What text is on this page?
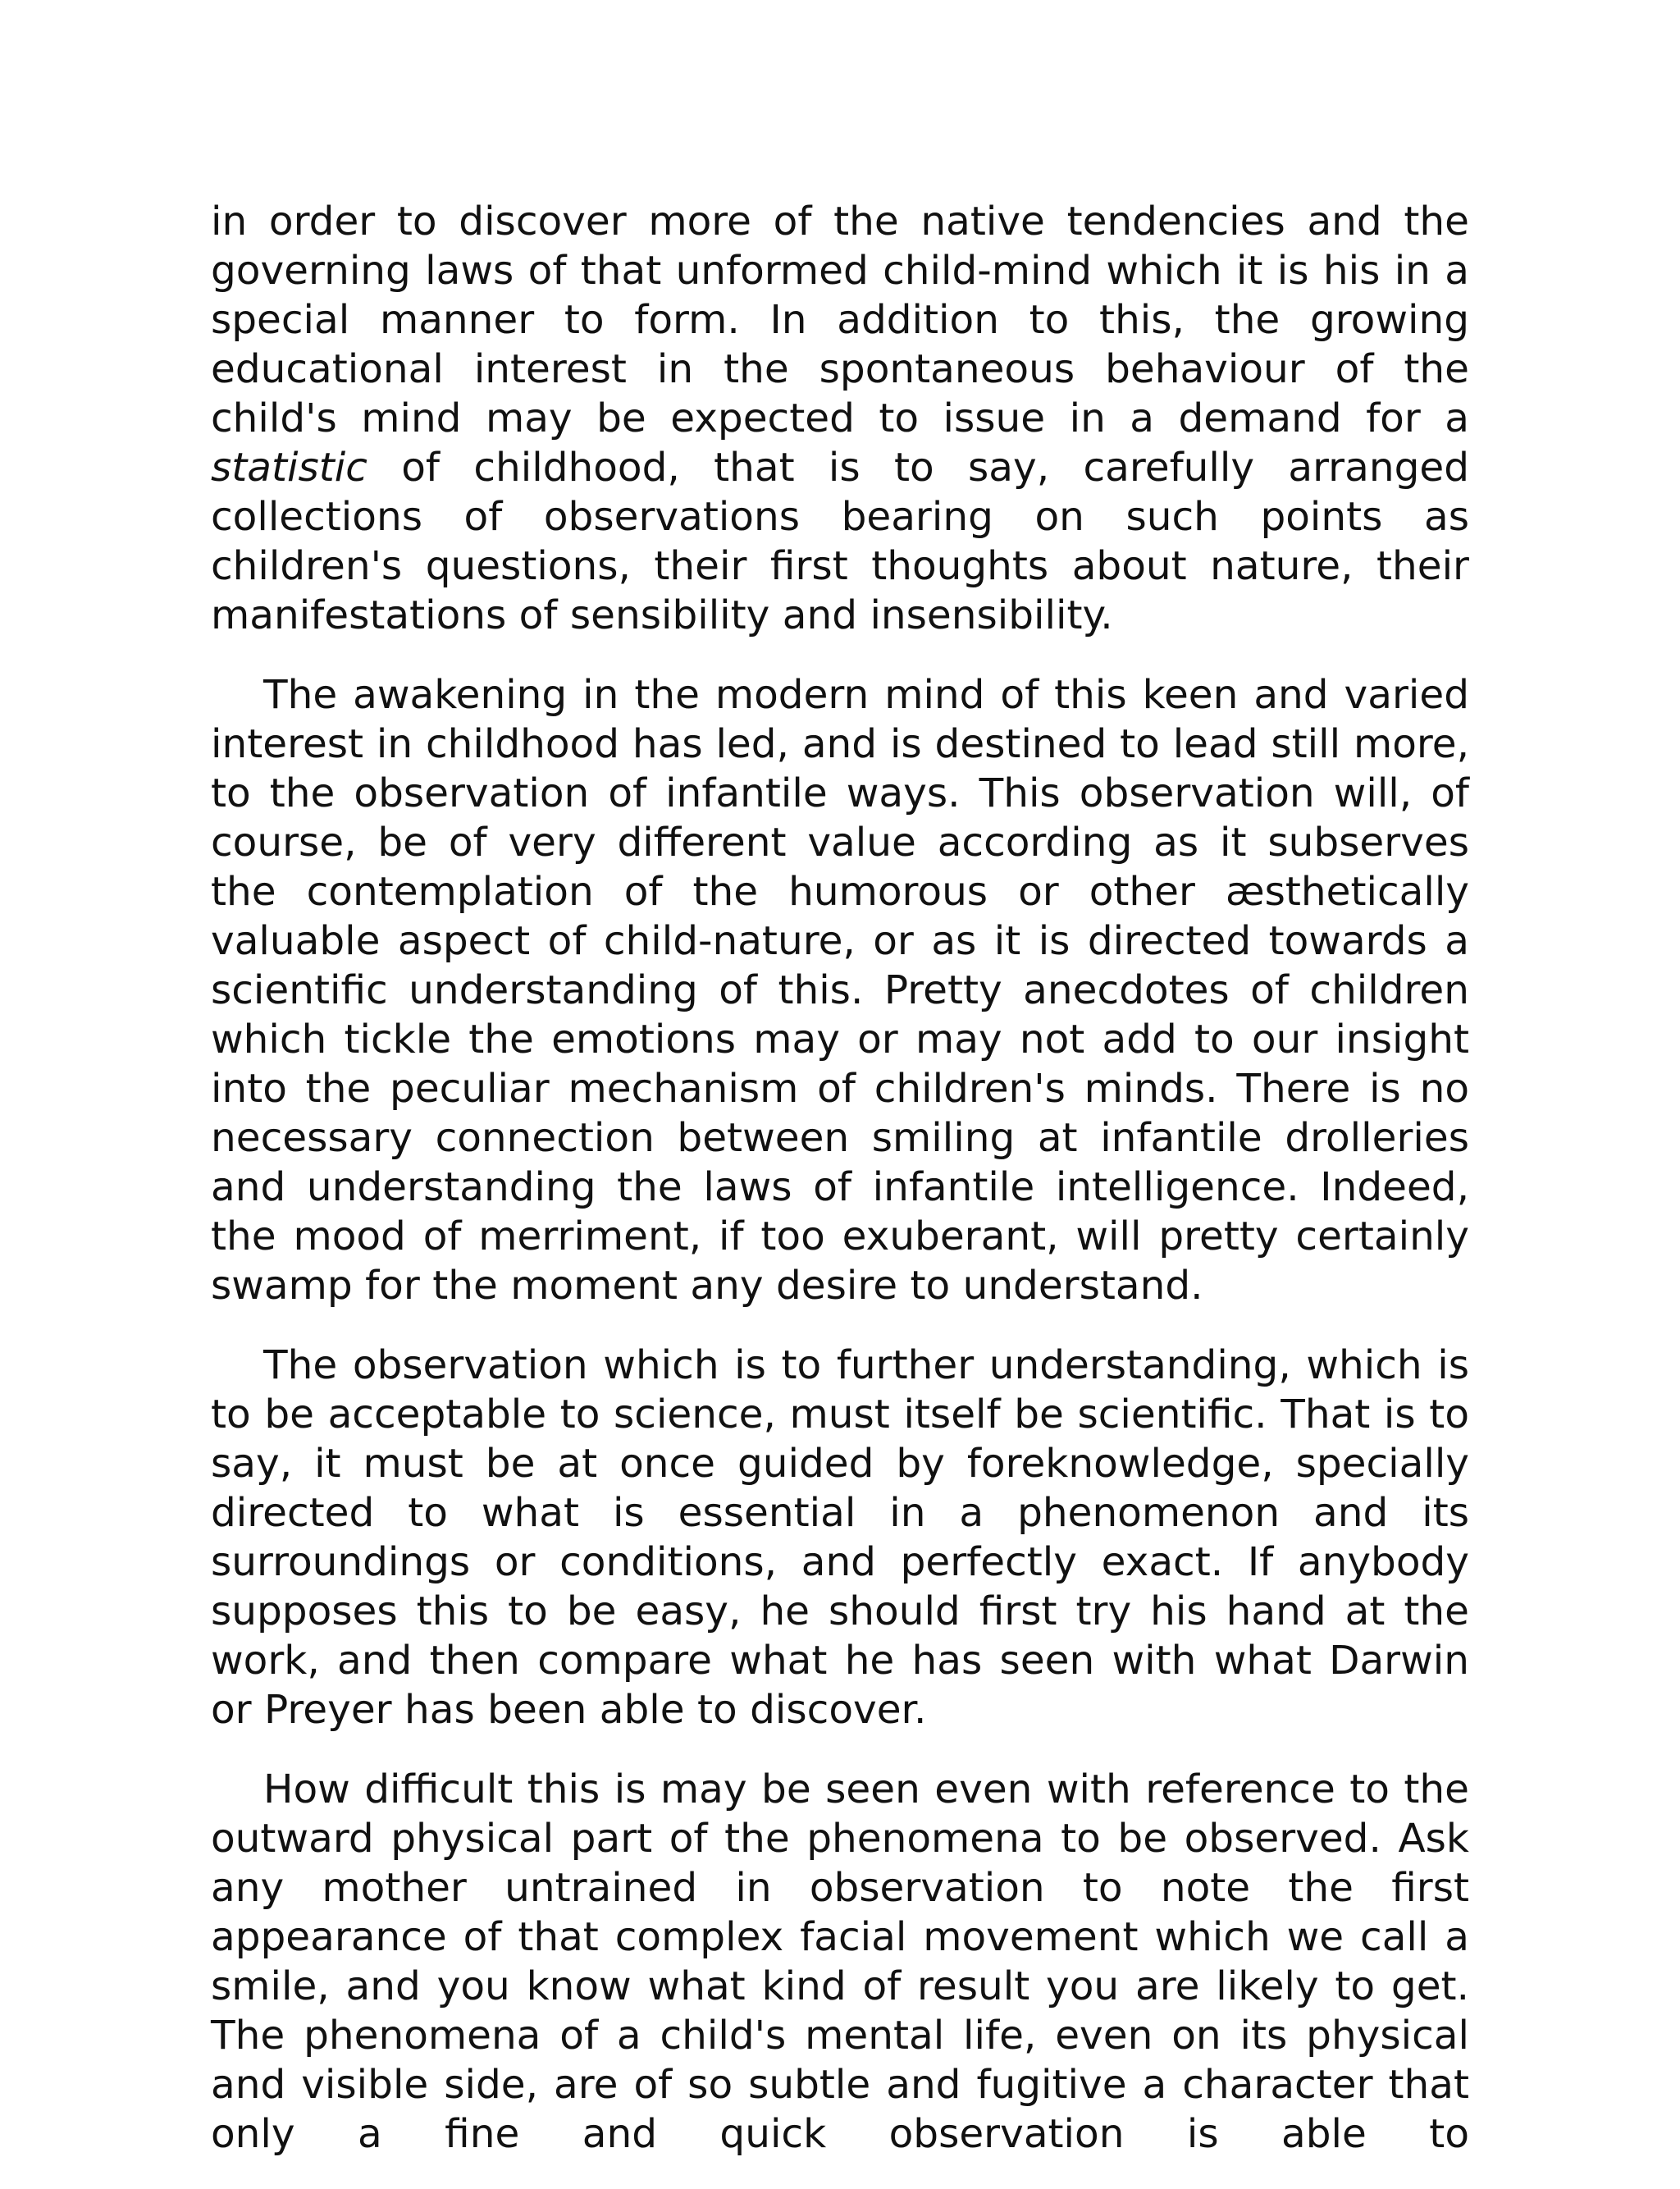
in order to discover more of the native tendencies and the governing laws of that unformed child-mind which it is his in a special manner to form. In addition to this, the growing educational interest in the spontaneous behaviour of the child's mind may be expected to issue in a demand for a statistic of childhood, that is to say, carefully arranged collections of observations bearing on such points as children's questions, their first thoughts about nature, their manifestations of sensibility and insensibility.

The awakening in the modern mind of this keen and varied interest in childhood has led, and is destined to lead still more, to the observation of infantile ways. This observation will, of course, be of very different value according as it subserves the contemplation of the humorous or other æsthetically valuable aspect of child-nature, or as it is directed towards a scientific understanding of this. Pretty anecdotes of children which tickle the emotions may or may not add to our insight into the peculiar mechanism of children's minds. There is no necessary connection between smiling at infantile drolleries and understanding the laws of infantile intelligence. Indeed, the mood of merriment, if too exuberant, will pretty certainly swamp for the moment any desire to understand.

The observation which is to further understanding, which is to be acceptable to science, must itself be scientific. That is to say, it must be at once guided by foreknowledge, specially directed to what is essential in a phenomenon and its surroundings or conditions, and perfectly exact. If anybody supposes this to be easy, he should first try his hand at the work, and then compare what he has seen with what Darwin or Preyer has been able to discover.

How difficult this is may be seen even with reference to the outward physical part of the phenomena to be observed. Ask any mother untrained in observation to note the first appearance of that complex facial movement which we call a smile, and you know what kind of result you are likely to get. The phenomena of a child's mental life, even on its physical and visible side, are of so subtle and fugitive a character that only a fine and quick observation is able to
